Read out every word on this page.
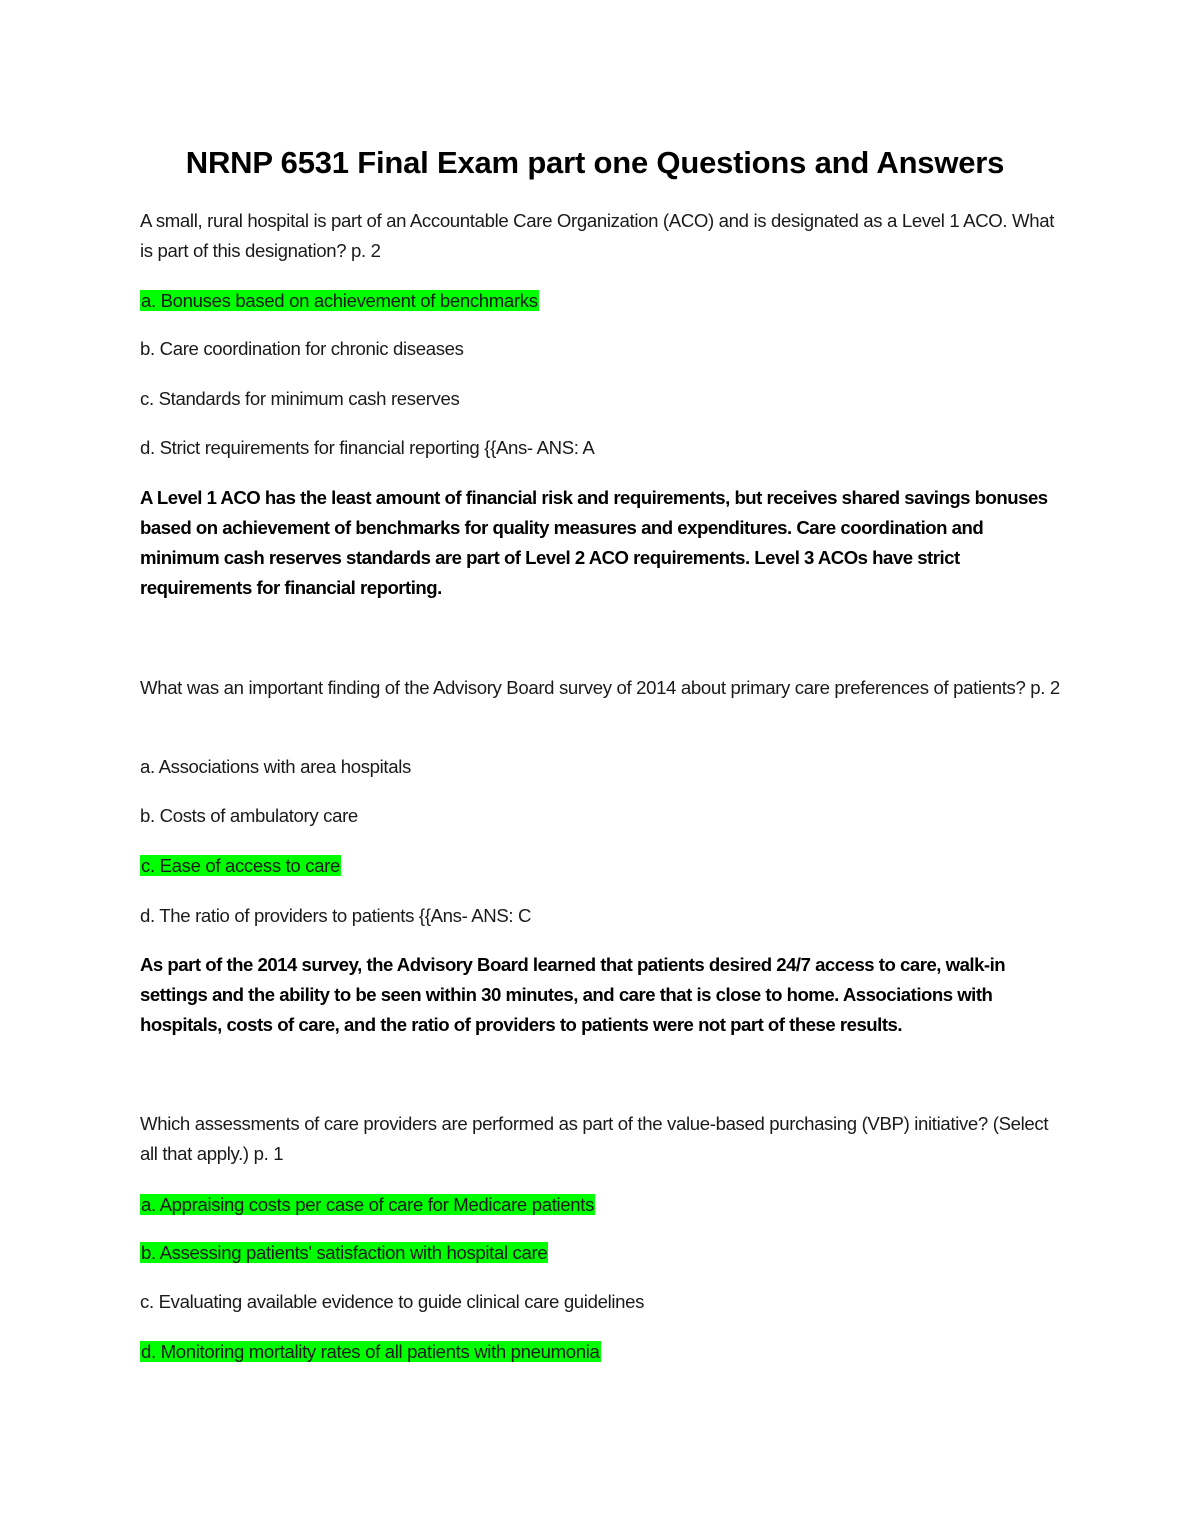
NRNP 6531 Final Exam part one Questions and Answers

A small, rural hospital is part of an Accountable Care Organization (ACO) and is designated as a Level 1 ACO. What is part of this designation? p. 2

a. Bonuses based on achievement of benchmarks

b. Care coordination for chronic diseases

c. Standards for minimum cash reserves

d. Strict requirements for financial reporting {{Ans- ANS: A

A Level 1 ACO has the least amount of financial risk and requirements, but receives shared savings bonuses based on achievement of benchmarks for quality measures and expenditures. Care coordination and minimum cash reserves standards are part of Level 2 ACO requirements. Level 3 ACOs have strict requirements for financial reporting.

What was an important finding of the Advisory Board survey of 2014 about primary care preferences of patients? p. 2

a. Associations with area hospitals

b. Costs of ambulatory care

c. Ease of access to care

d. The ratio of providers to patients {{Ans- ANS: C

As part of the 2014 survey, the Advisory Board learned that patients desired 24/7 access to care, walk-in settings and the ability to be seen within 30 minutes, and care that is close to home. Associations with hospitals, costs of care, and the ratio of providers to patients were not part of these results.

Which assessments of care providers are performed as part of the value-based purchasing (VBP) initiative? (Select all that apply.) p. 1

a. Appraising costs per case of care for Medicare patients

b. Assessing patients' satisfaction with hospital care

c. Evaluating available evidence to guide clinical care guidelines

d. Monitoring mortality rates of all patients with pneumonia
